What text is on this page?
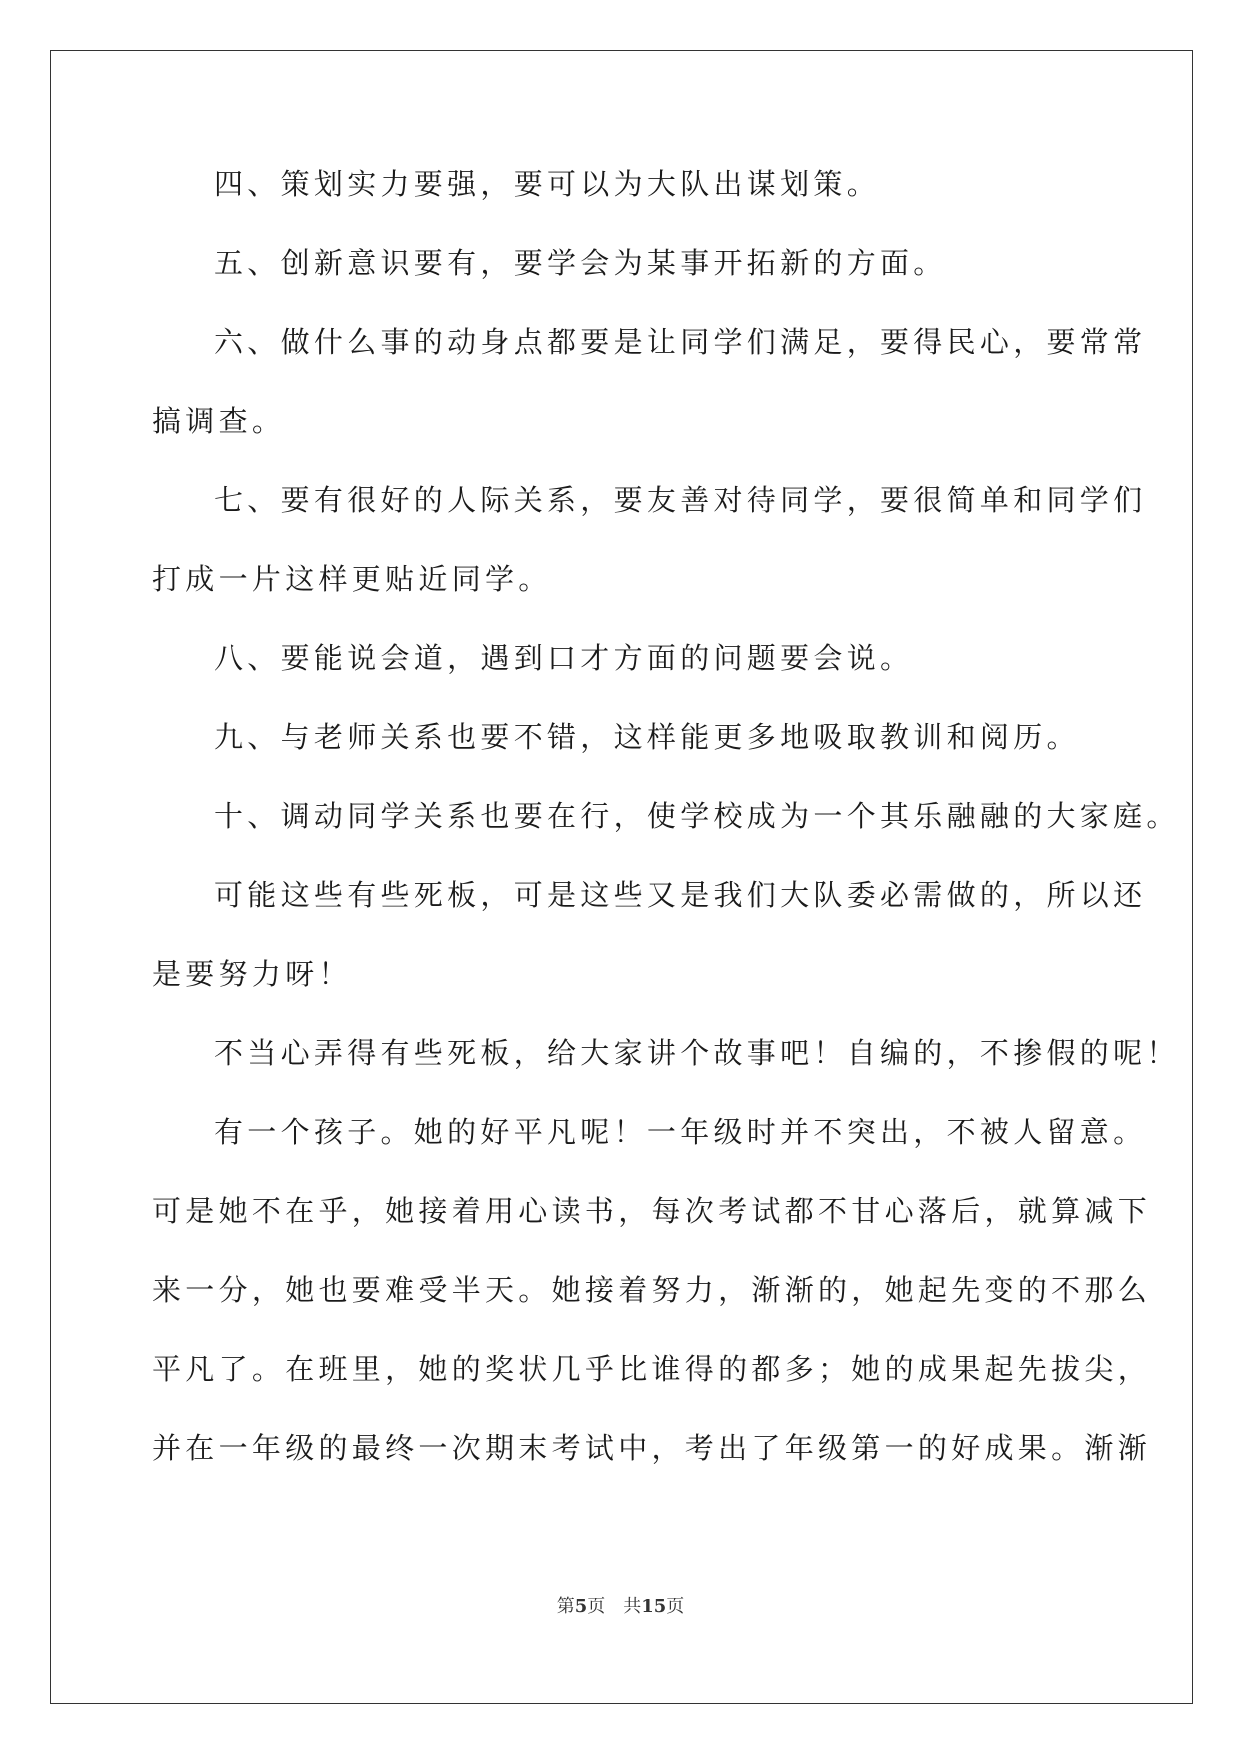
四、策划实力要强，要可以为大队出谋划策。
五、创新意识要有，要学会为某事开拓新的方面。
六、做什么事的动身点都要是让同学们满足，要得民心，要常常
搞调查。
七、要有很好的人际关系，要友善对待同学，要很简单和同学们
打成一片这样更贴近同学。
八、要能说会道，遇到口才方面的问题要会说。
九、与老师关系也要不错，这样能更多地吸取教训和阅历。
十、调动同学关系也要在行，使学校成为一个其乐融融的大家庭。
可能这些有些死板，可是这些又是我们大队委必需做的，所以还
是要努力呀！
不当心弄得有些死板，给大家讲个故事吧！自编的，不掺假的呢！
有一个孩子。她的好平凡呢！一年级时并不突出，不被人留意。
可是她不在乎，她接着用心读书，每次考试都不甘心落后，就算减下
来一分，她也要难受半天。她接着努力，渐渐的，她起先变的不那么
平凡了。在班里，她的奖状几乎比谁得的都多；她的成果起先拔尖，
并在一年级的最终一次期末考试中，考出了年级第一的好成果。渐渐
第5页 共15页
